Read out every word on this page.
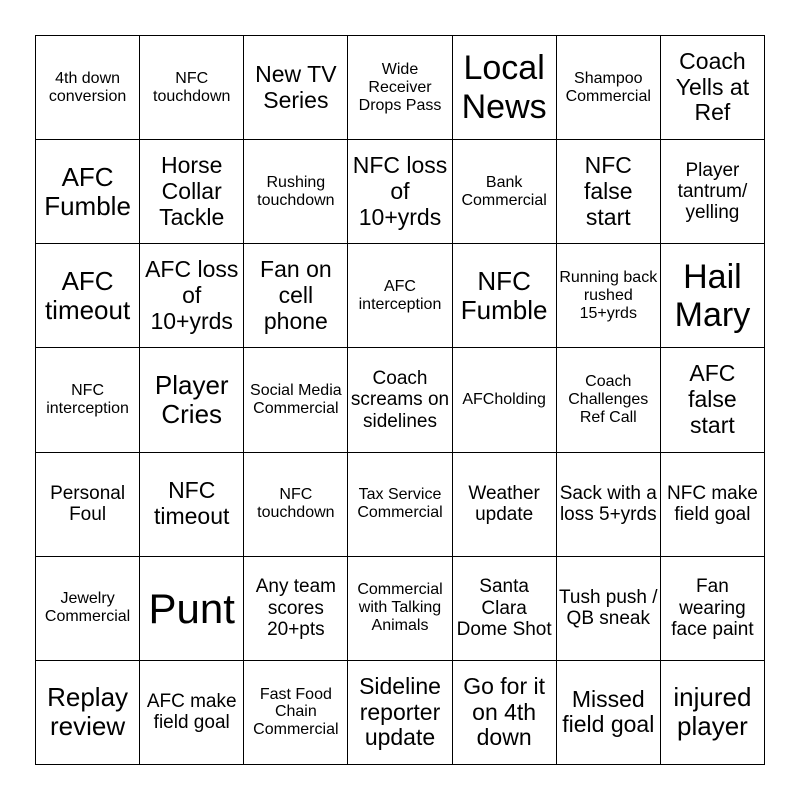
4th down conversion
NFC touchdown
New TV Series
Wide Receiver Drops Pass
Local News
Shampoo Commercial
Coach Yells at Ref
AFC Fumble
Horse Collar Tackle
Rushing touchdown
NFC loss of 10+yrds
Bank Commercial
NFC false start
Player tantrum/ yelling
AFC timeout
AFC loss of 10+yrds
Fan on cell phone
AFC interception
NFC Fumble
Running back rushed 15+yrds
Hail Mary
NFC interception
Player Cries
Social Media Commercial
Coach screams on sidelines
AFCholding
Coach Challenges Ref Call
AFC false start
Personal Foul
NFC timeout
NFC touchdown
Tax Service Commercial
Weather update
Sack with a loss 5+yrds
NFC make field goal
Jewelry Commercial Punt	Any team scores 20+pts
Commercial with Talking Animals
Santa Clara Dome Shot
Tush push / QB sneak
Fan wearing face paint
Replay review
AFC make field goal
Fast Food Chain Commercial
Sideline reporter update
Go for it on 4th down
Missed field goal
injured player
